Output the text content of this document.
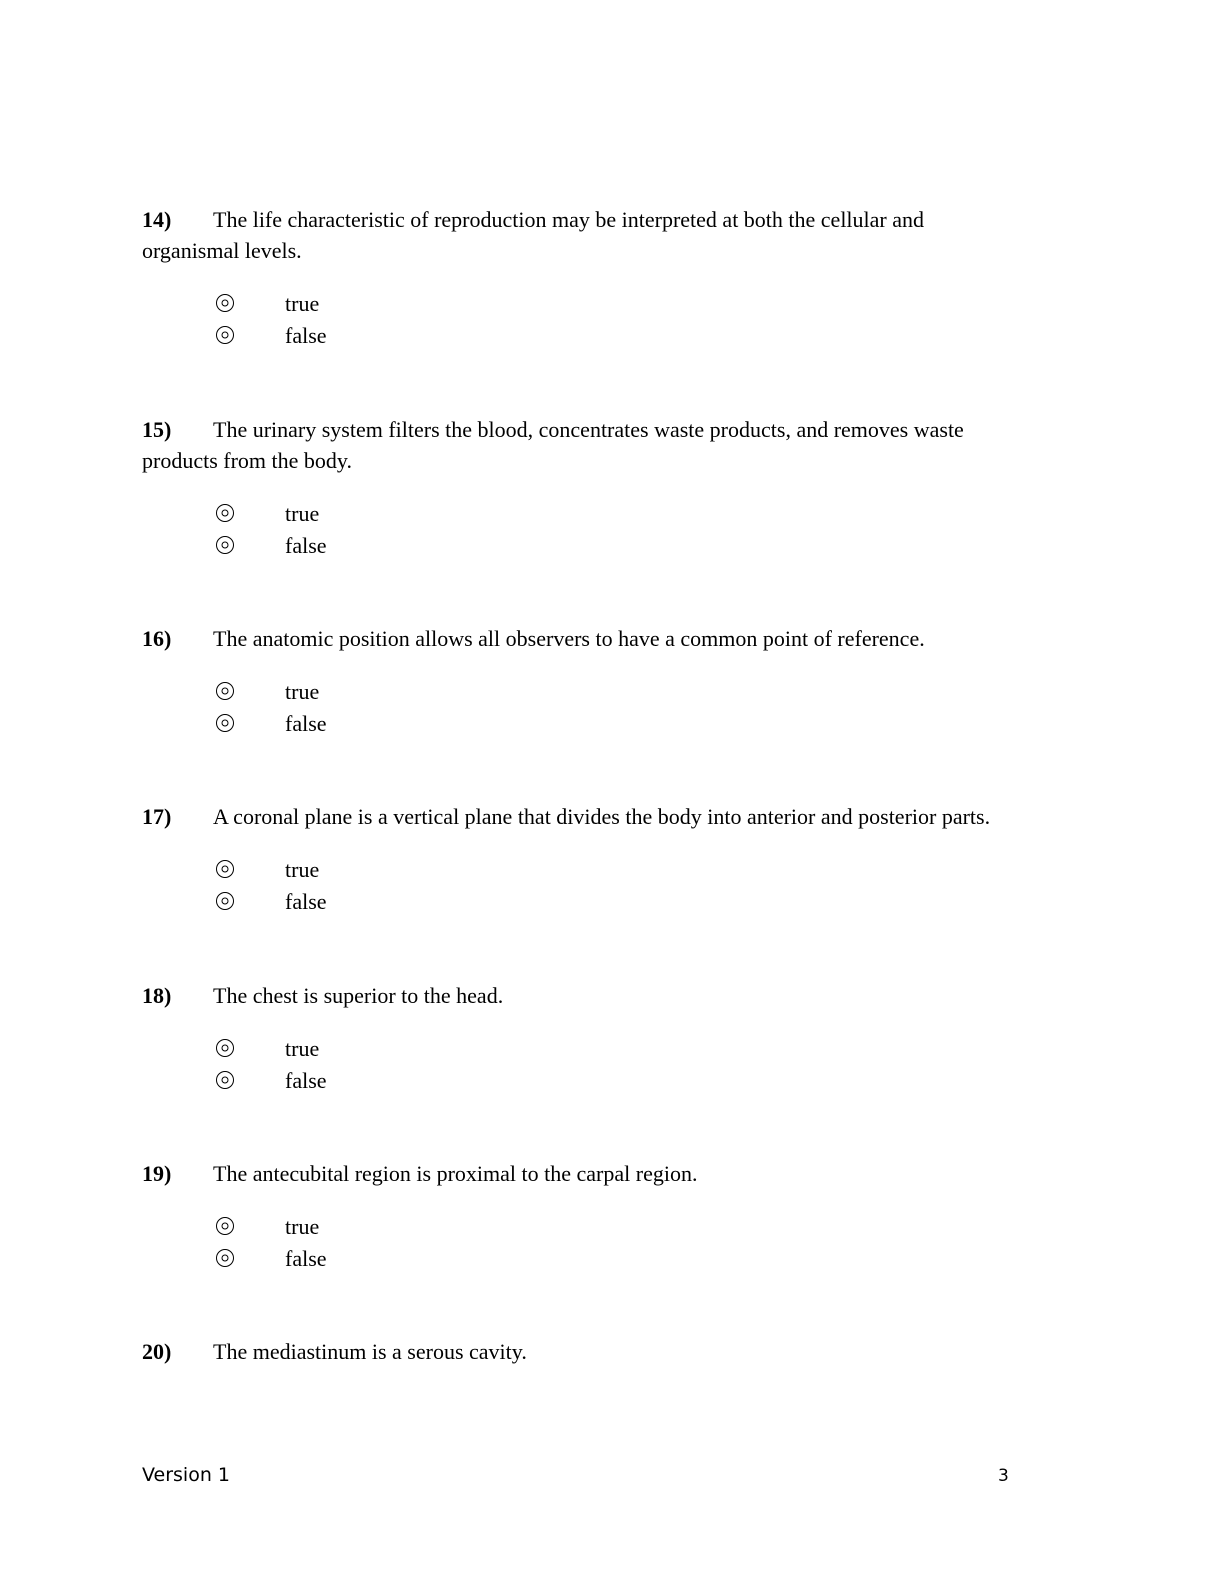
14) The life characteristic of reproduction may be interpreted at both the cellular and
organismal levels.
true
false
15) The urinary system filters the blood, concentrates waste products, and removes waste
products from the body.
true
false
16) The anatomic position allows all observers to have a common point of reference.
true
false
17) A coronal plane is a vertical plane that divides the body into anterior and posterior parts.
true
false
18) The chest is superior to the head.
true
false
19) The antecubital region is proximal to the carpal region.
true
false
20) The mediastinum is a serous cavity.
Version 1	3
